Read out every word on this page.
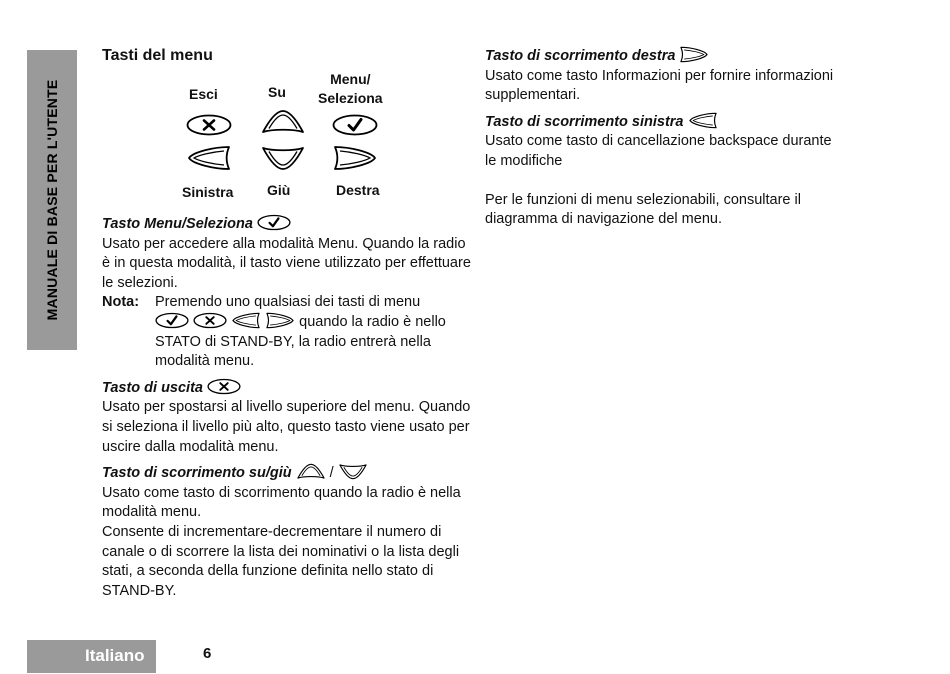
MANUALE DI BASE PER L'UTENTE
Tasti del menu
Esci	Su
Menu/
Seleziona
Sinistra Giù	Destra

Tasto Menu/Seleziona

Usato per accedere alla modalità Menu. Quando la radio è in questa modalità, il tasto viene utilizzato per effettuare le selezioni.

Nota:	Premendo uno qualsiasi dei tasti di menu

quando la radio è nello

STATO di STAND-BY, la radio entrerà nella modalità menu.

Tasto di uscita

Usato per spostarsi al livello superiore del menu. Quando si seleziona il livello più alto, questo tasto viene usato per uscire dalla modalità menu.

Tasto di scorrimento su/giù	/

Usato come tasto di scorrimento quando la radio è nella modalità menu.

Consente di incrementare-decrementare il numero di canale o di scorrere la lista dei nominativi o la lista degli stati, a seconda della funzione definita nello stato di STAND-BY.

Tasto di scorrimento destra

Usato come tasto Informazioni per fornire informazioni supplementari.

Tasto di scorrimento sinistra

Usato come tasto di cancellazione backspace durante le modifiche

Per le funzioni di menu selezionabili, consultare il diagramma di navigazione del menu.

Italiano	6
